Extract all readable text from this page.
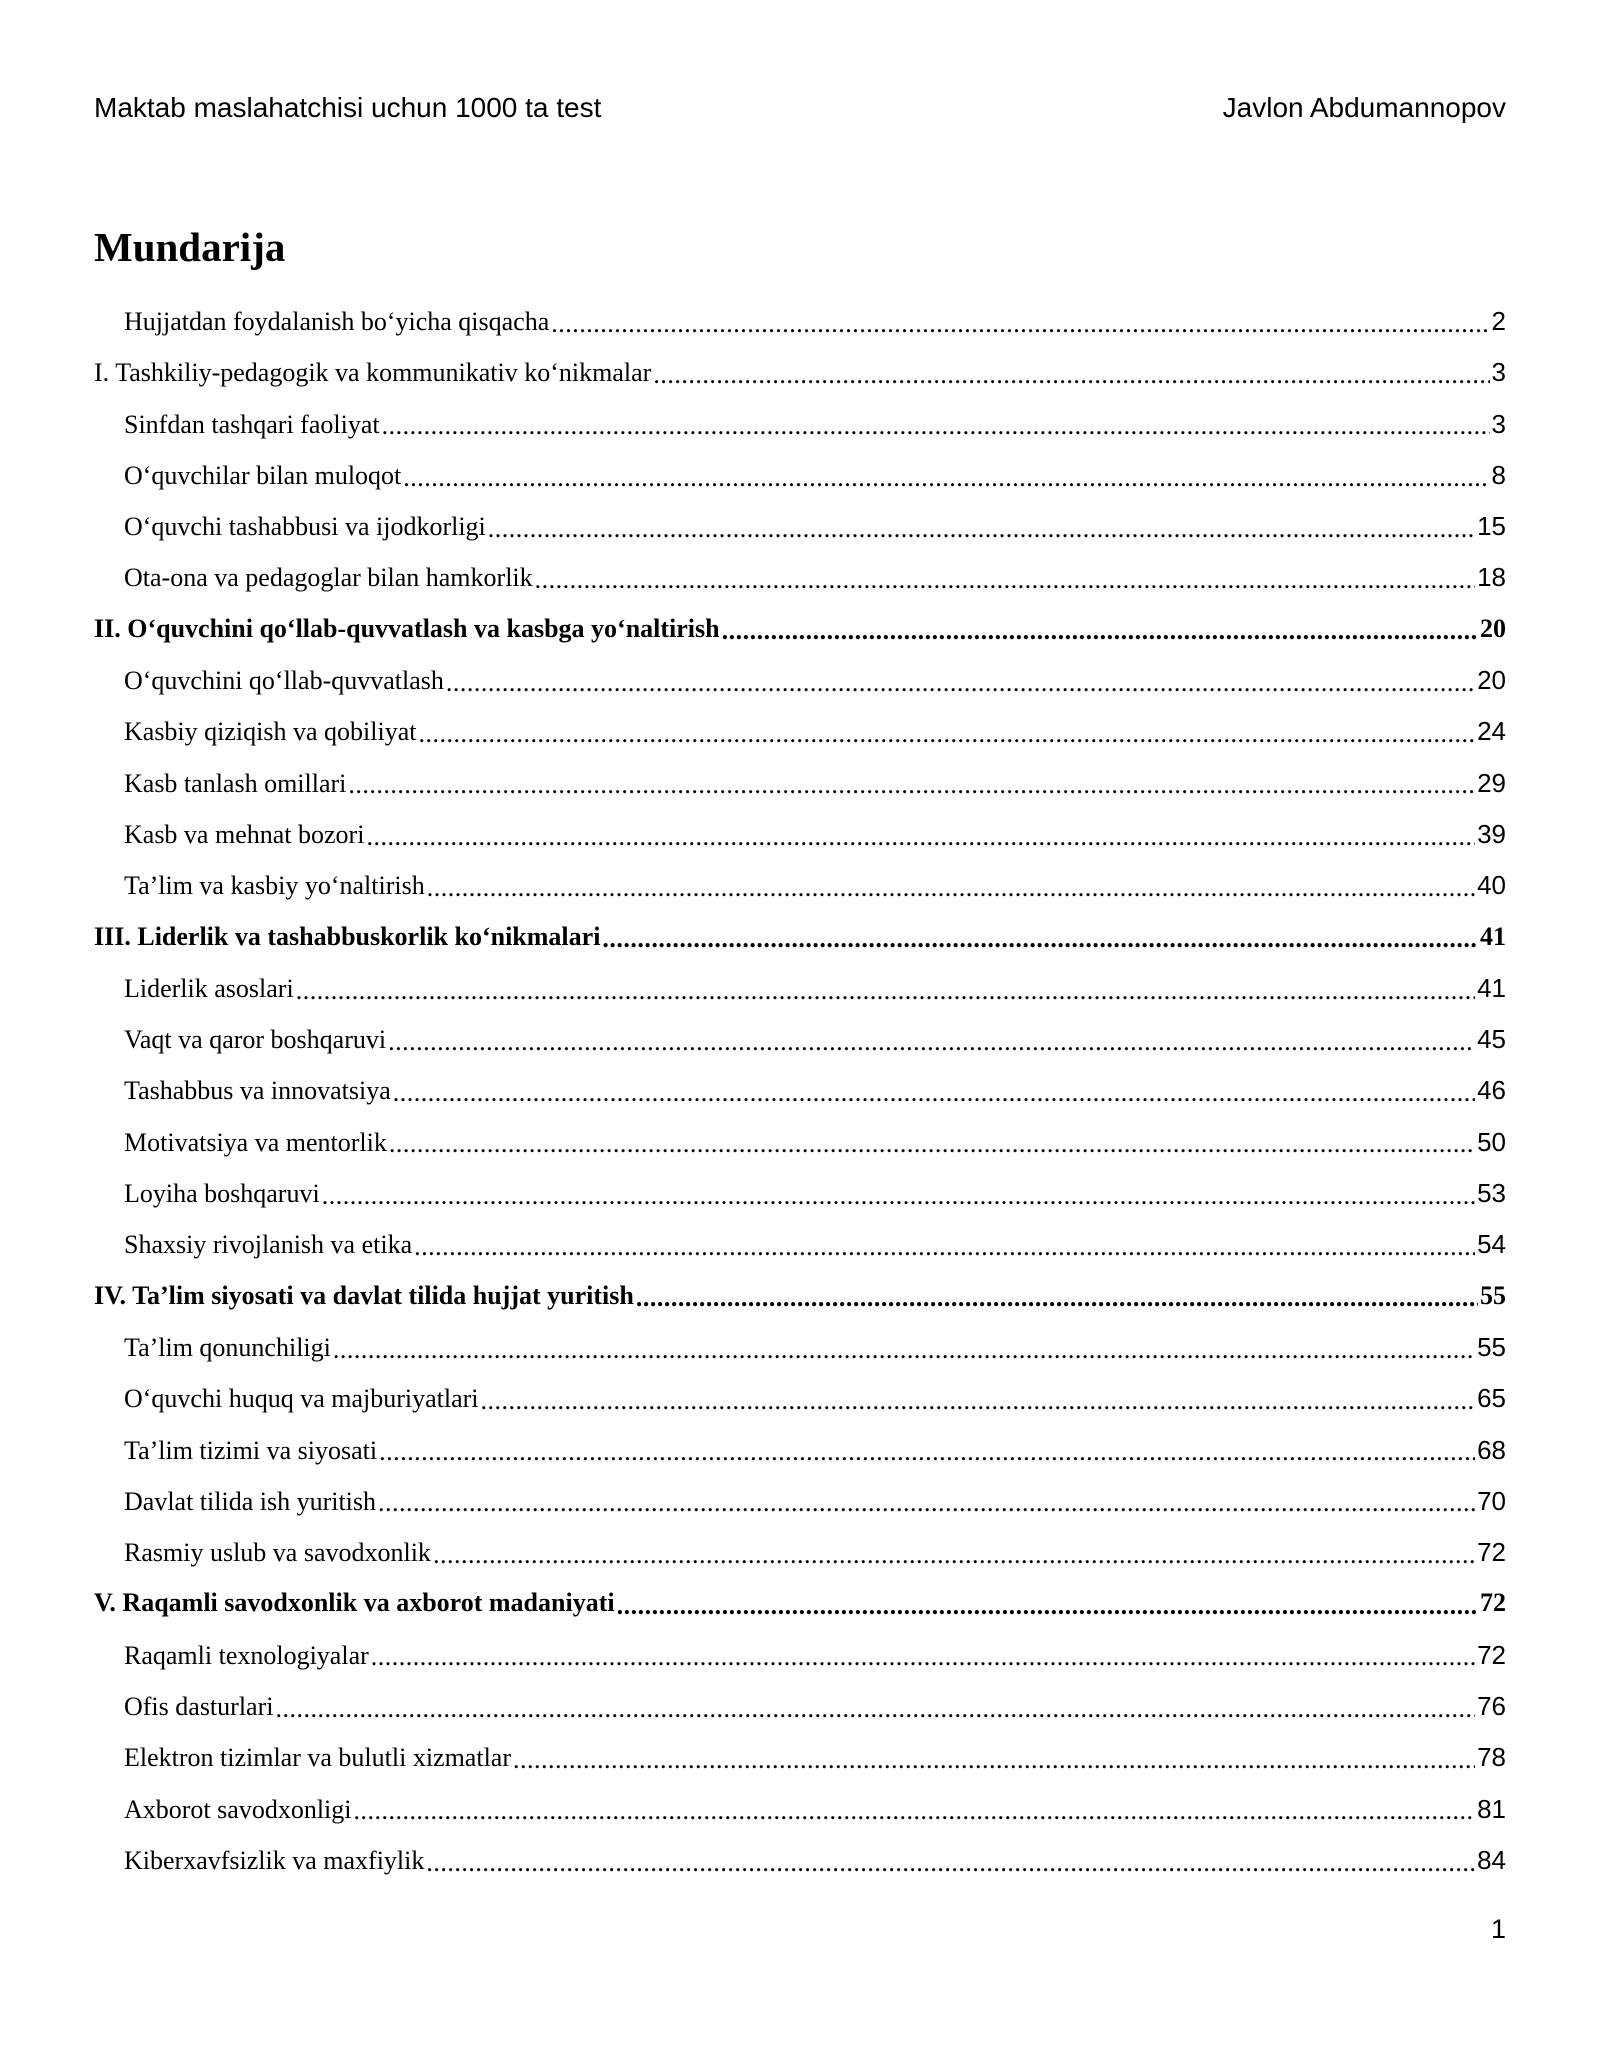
Maktab maslahatchisi uchun 1000 ta test	Javlon Abdumannopov
Mundarija
Hujjatdan foydalanish bo‘yicha qisqacha .....	2
I. Tashkiliy-pedagogik va kommunikativ ko‘nikmalar .....	3
Sinfdan tashqari faoliyat .....	3
O‘quvchilar bilan muloqot .....	8
O‘quvchi tashabbusi va ijodkorligi .....	15
Ota-ona va pedagoglar bilan hamkorlik .....	18
II. O‘quvchini qo‘llab-quvvatlash va kasbga yo‘naltirish .....	20
O‘quvchini qo‘llab-quvvatlash .....	20
Kasbiy qiziqish va qobiliyat .....	24
Kasb tanlash omillari .....	29
Kasb va mehnat bozori .....	39
Ta’lim va kasbiy yo‘naltirish .....	40
III. Liderlik va tashabbuskorlik ko‘nikmalari .....	41
Liderlik asoslari .....	41
Vaqt va qaror boshqaruvi .....	45
Tashabbus va innovatsiya .....	46
Motivatsiya va mentorlik .....	50
Loyiha boshqaruvi .....	53
Shaxsiy rivojlanish va etika .....	54
IV. Ta’lim siyosati va davlat tilida hujjat yuritish .....	55
Ta’lim qonunchiligi .....	55
O‘quvchi huquq va majburiyatlari .....	65
Ta’lim tizimi va siyosati .....	68
Davlat tilida ish yuritish .....	70
Rasmiy uslub va savodxonlik .....	72
V. Raqamli savodxonlik va axborot madaniyati .....	72
Raqamli texnologiyalar .....	72
Ofis dasturlari .....	76
Elektron tizimlar va bulutli xizmatlar .....	78
Axborot savodxonligi .....	81
Kiberxavfsizlik va maxfiylik .....	84
1
